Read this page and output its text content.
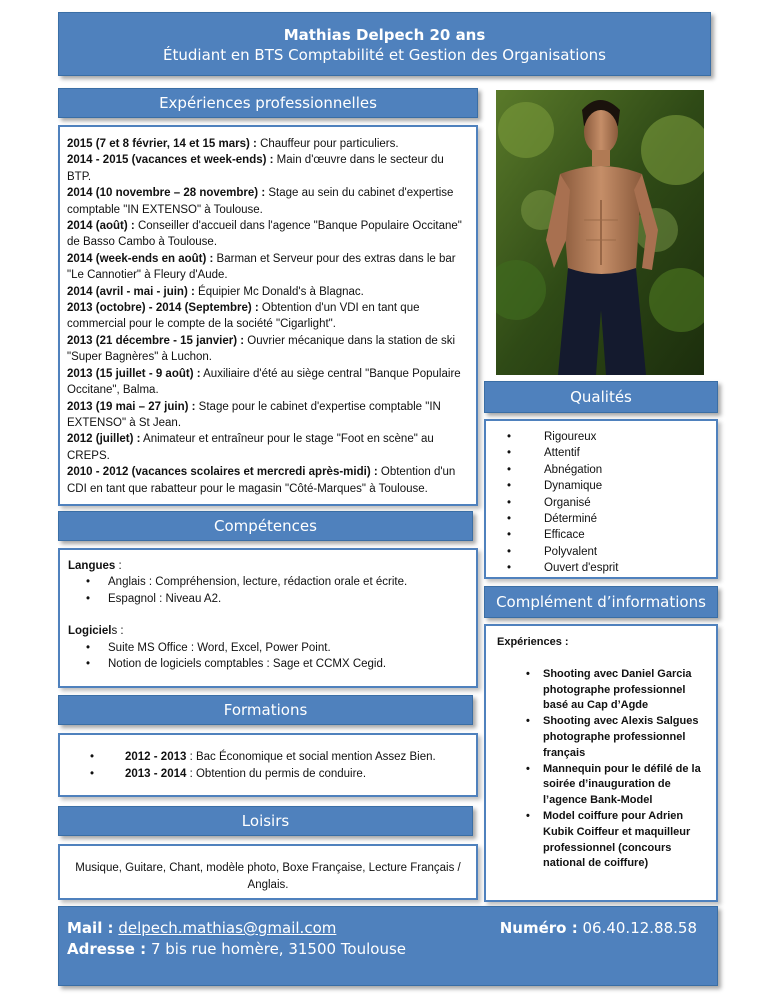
Mathias Delpech 20 ans
Étudiant en BTS Comptabilité et Gestion des Organisations
Expériences professionnelles
2015 (7 et 8 février, 14 et 15 mars) : Chauffeur pour particuliers.
2014 - 2015 (vacances et week-ends) : Main d'œuvre dans le secteur du BTP.
2014 (10 novembre – 28 novembre) : Stage au sein du cabinet d'expertise comptable "IN EXTENSO" à Toulouse.
2014 (août) : Conseiller d'accueil dans l'agence "Banque Populaire Occitane" de Basso Cambo à Toulouse.
2014 (week-ends en août) : Barman et Serveur pour des extras dans le bar "Le Cannotier" à Fleury d'Aude.
2014 (avril - mai - juin) : Équipier Mc Donald's à Blagnac.
2013 (octobre) - 2014 (Septembre) : Obtention d'un VDI en tant que commercial pour le compte de la société "Cigarlight".
2013 (21 décembre - 15 janvier) : Ouvrier mécanique dans la station de ski "Super Bagnères" à Luchon.
2013 (15 juillet - 9 août) : Auxiliaire d'été au siège central "Banque Populaire Occitane", Balma.
2013 (19 mai – 27 juin) : Stage pour le cabinet d'expertise comptable "IN EXTENSO" à St Jean.
2012 (juillet) : Animateur et entraîneur pour le stage "Foot en scène" au CREPS.
2010 - 2012 (vacances scolaires et mercredi après-midi) : Obtention d'un CDI en tant que rabatteur pour le magasin "Côté-Marques" à Toulouse.
Compétences
Langues :
• Anglais : Compréhension, lecture, rédaction orale et écrite.
• Espagnol : Niveau A2.
Logiciels :
• Suite MS Office : Word, Excel, Power Point.
• Notion de logiciels comptables : Sage et CCMX Cegid.
Formations
• 2012 - 2013 : Bac Économique et social mention Assez Bien.
• 2013 - 2014 : Obtention du permis de conduire.
Loisirs
Musique, Guitare, Chant, modèle photo, Boxe Française, Lecture Français / Anglais.
Qualités
• Rigoureux
• Attentif
• Abnégation
• Dynamique
• Organisé
• Déterminé
• Efficace
• Polyvalent
• Ouvert d'esprit
Complément d’informations
Expériences :
• Shooting avec Daniel Garcia photographe professionnel basé au Cap d’Agde
• Shooting avec Alexis Salgues photographe professionnel français
• Mannequin pour le défilé de la soirée d’inauguration de l’agence Bank-Model
• Model coiffure pour Adrien Kubik Coiffeur et maquilleur professionnel (concours national de coiffure)
Mail : delpech.mathias@gmail.com
Adresse : 7 bis rue homère, 31500 Toulouse
Numéro : 06.40.12.88.58
